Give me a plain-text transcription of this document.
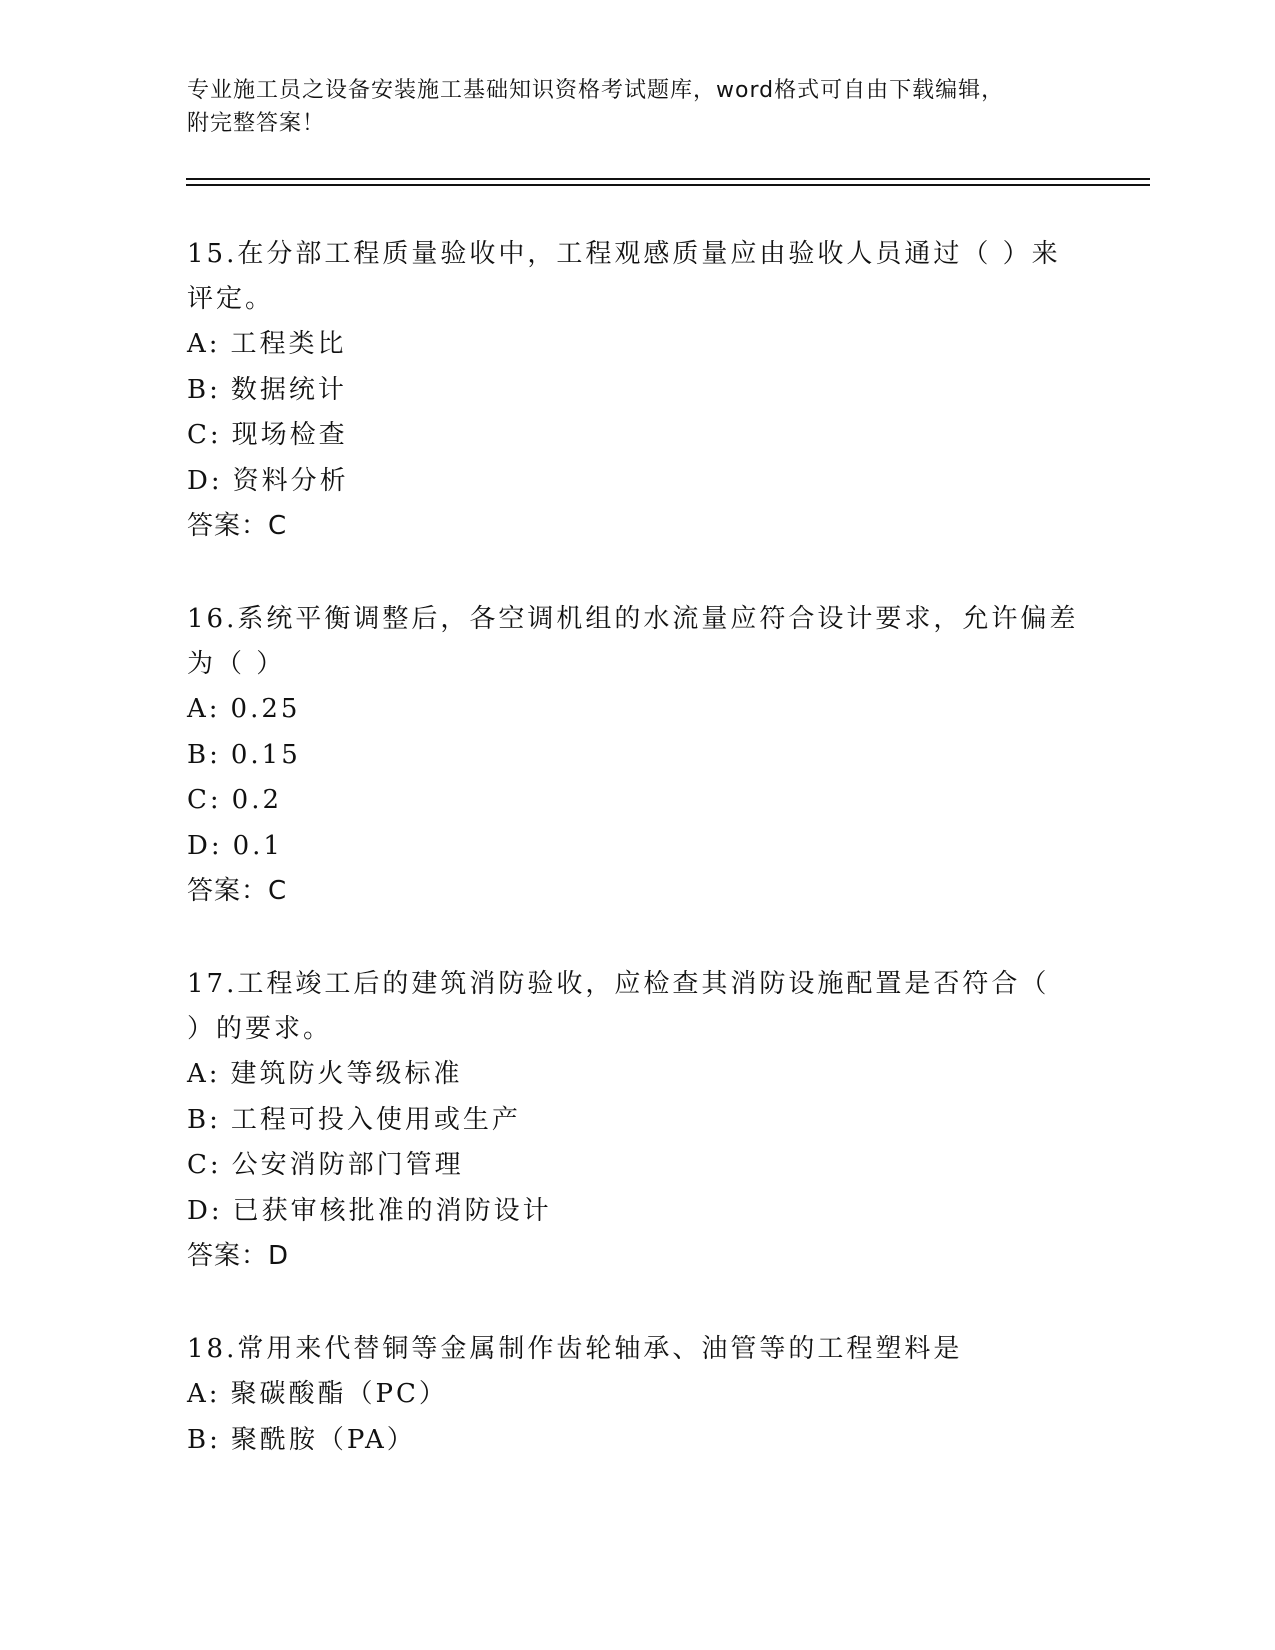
专业施工员之设备安装施工基础知识资格考试题库，word格式可自由下载编辑，
附完整答案！

15.在分部工程质量验收中，工程观感质量应由验收人员通过（ ）来

评定。

A: 工程类比

B: 数据统计

C: 现场检查

D: 资料分析

答案：C

16.系统平衡调整后，各空调机组的水流量应符合设计要求，允许偏差

为（ ）

A: 0.25

B: 0.15

C: 0.2

D: 0.1

答案：C

17.工程竣工后的建筑消防验收，应检查其消防设施配置是否符合（

）的要求。

A: 建筑防火等级标准

B: 工程可投入使用或生产

C: 公安消防部门管理

D: 已获审核批准的消防设计

答案：D

18.常用来代替铜等金属制作齿轮轴承、油管等的工程塑料是

A: 聚碳酸酯（PC）

B: 聚酰胺（PA）
